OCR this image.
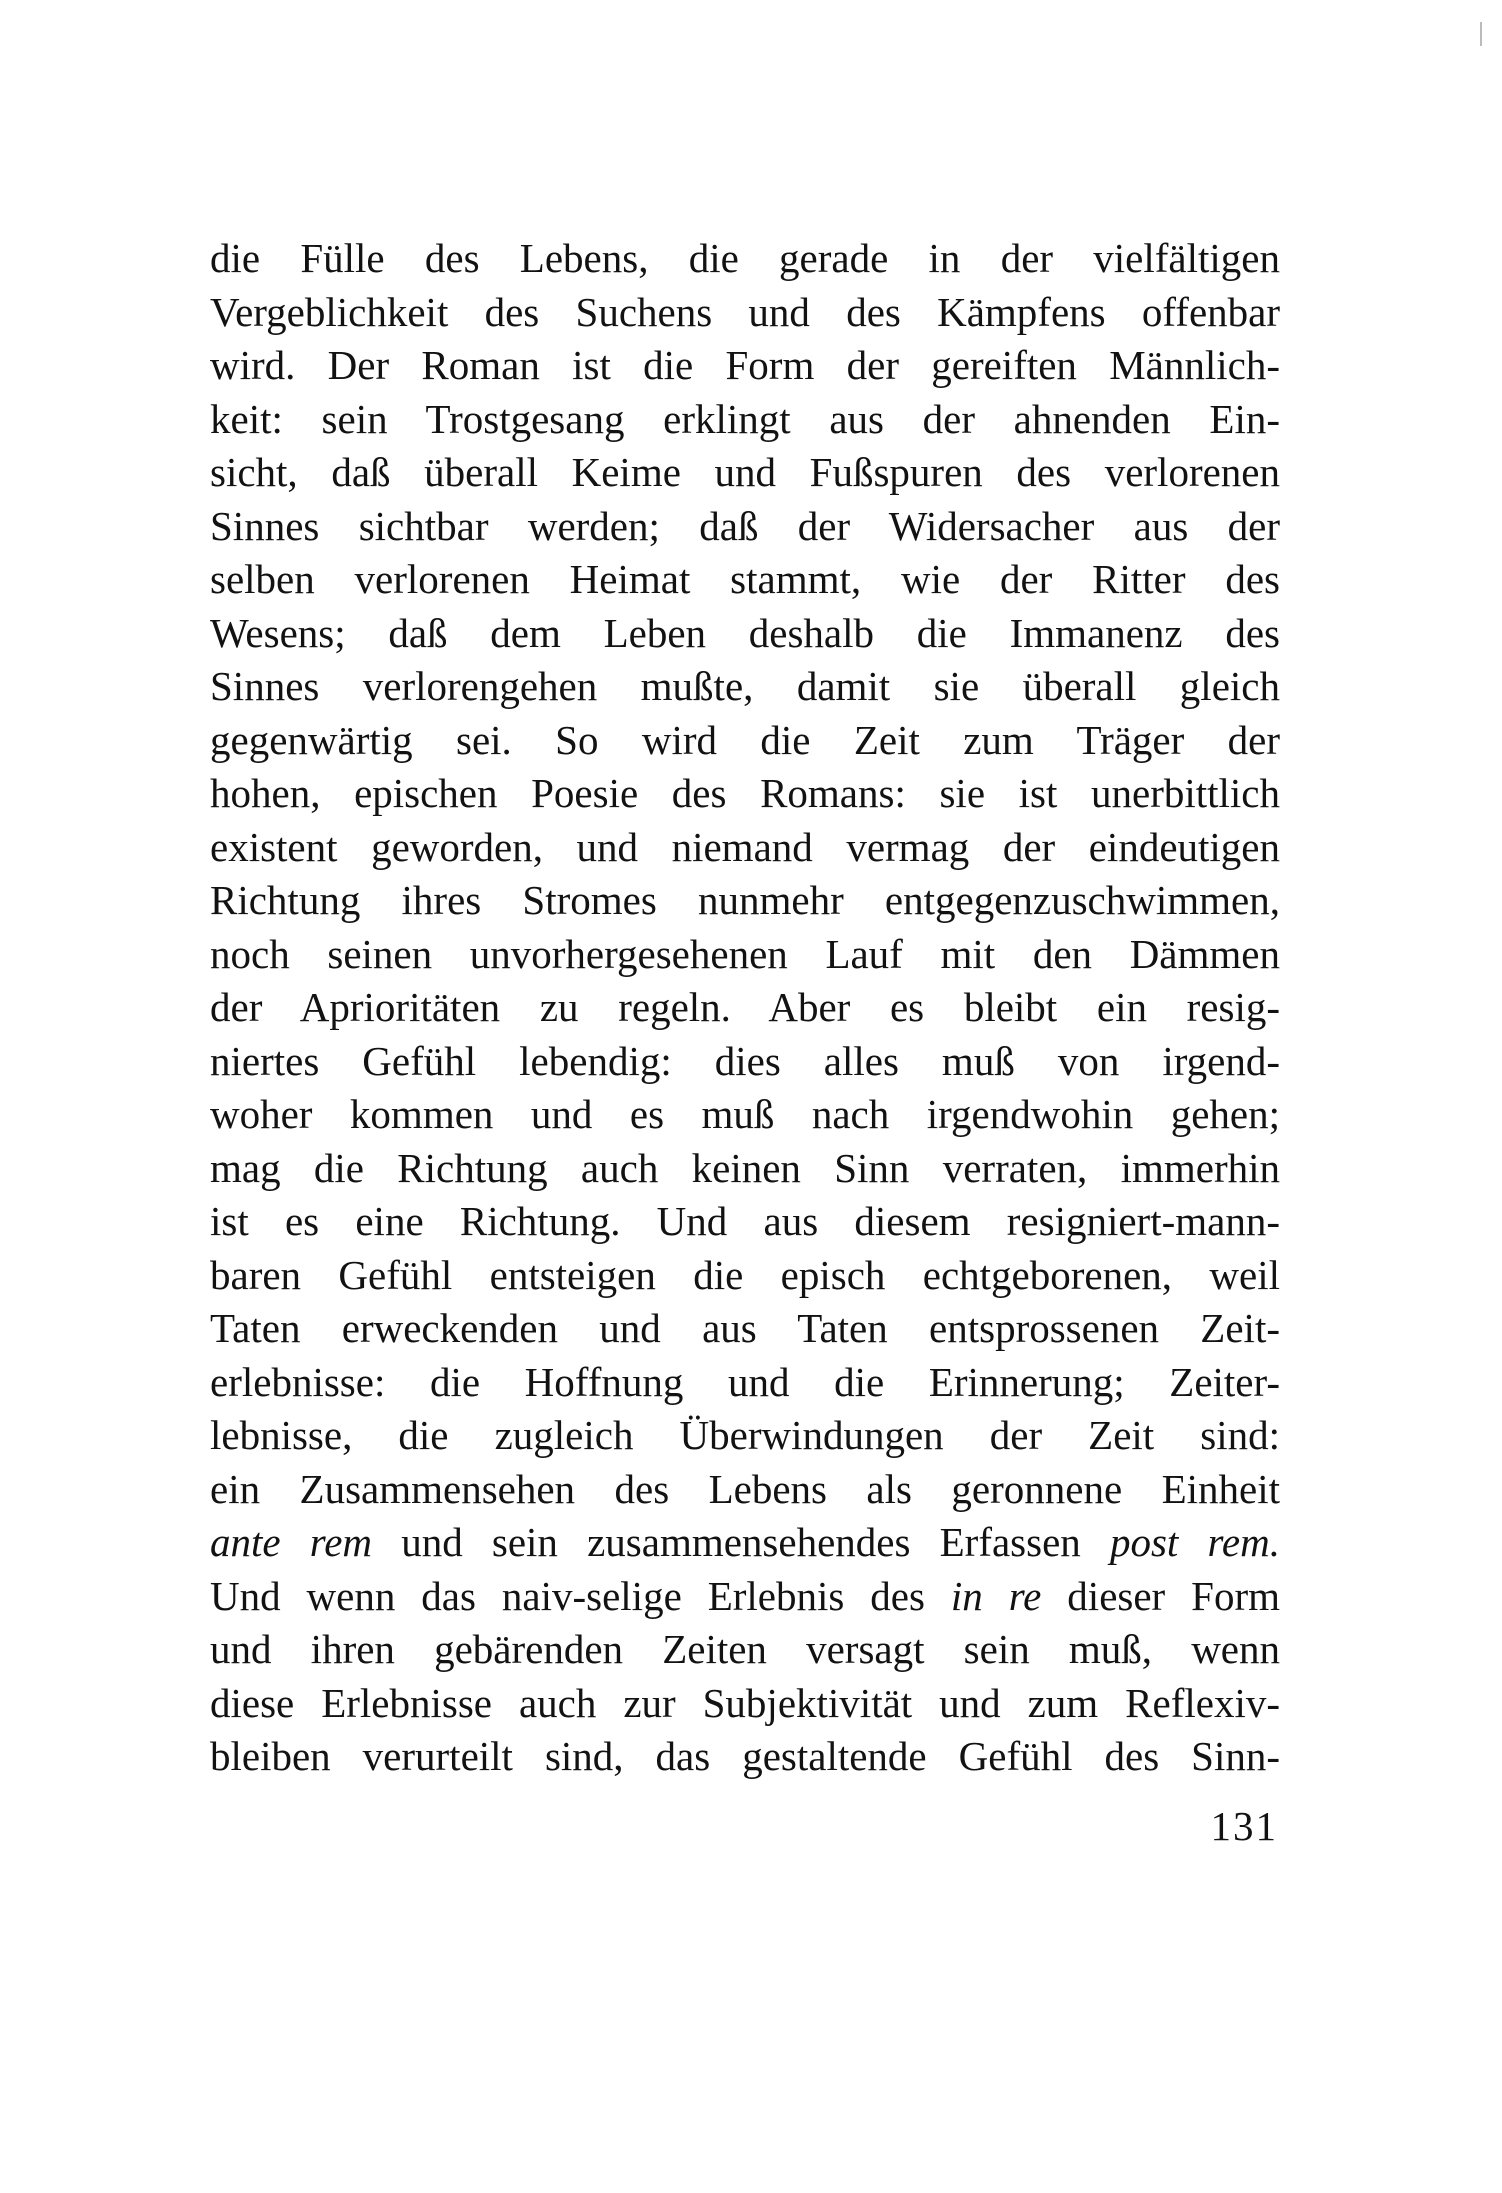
die Fülle des Lebens, die gerade in der vielfältigen
Vergeblichkeit des Suchens und des Kämpfens offenbar
wird. Der Roman ist die Form der gereiften Männlich-
keit: sein Trostgesang erklingt aus der ahnenden Ein-
sicht, daß überall Keime und Fußspuren des verlorenen
Sinnes sichtbar werden; daß der Widersacher aus der
selben verlorenen Heimat stammt, wie der Ritter des
Wesens; daß dem Leben deshalb die Immanenz des
Sinnes verlorengehen mußte, damit sie überall gleich
gegenwärtig sei. So wird die Zeit zum Träger der
hohen, epischen Poesie des Romans: sie ist unerbittlich
existent geworden, und niemand vermag der eindeutigen
Richtung ihres Stromes nunmehr entgegenzuschwimmen,
noch seinen unvorhergesehenen Lauf mit den Dämmen
der Aprioritäten zu regeln. Aber es bleibt ein resig-
niertes Gefühl lebendig: dies alles muß von irgend-
woher kommen und es muß nach irgendwohin gehen;
mag die Richtung auch keinen Sinn verraten, immerhin
ist es eine Richtung. Und aus diesem resigniert-mann-
baren Gefühl entsteigen die episch echtgeborenen, weil
Taten erweckenden und aus Taten entsprossenen Zeit-
erlebnisse: die Hoffnung und die Erinnerung; Zeiter-
lebnisse, die zugleich Überwindungen der Zeit sind:
ein Zusammensehen des Lebens als geronnene Einheit
ante rem und sein zusammensehendes Erfassen post rem.
Und wenn das naiv-selige Erlebnis des in re dieser Form
und ihren gebärenden Zeiten versagt sein muß, wenn
diese Erlebnisse auch zur Subjektivität und zum Reflexiv-
bleiben verurteilt sind, das gestaltende Gefühl des Sinn-
131
